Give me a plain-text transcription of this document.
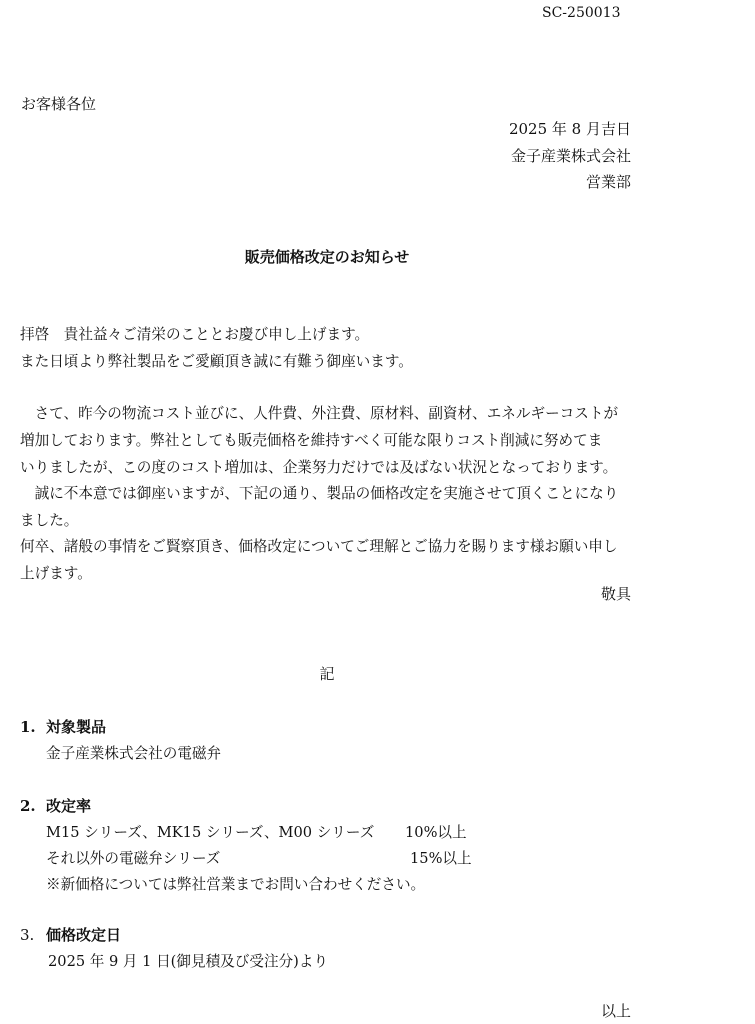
SC-250013
お客様各位
2025 年 8 月吉日
金子産業株式会社
営業部
販売価格改定のお知らせ
拝啓　貴社益々ご清栄のこととお慶び申し上げます。
また日頃より弊社製品をご愛顧頂き誠に有難う御座います。
　さて、昨今の物流コスト並びに、人件費、外注費、原材料、副資材、エネルギーコストが
増加しております。弊社としても販売価格を維持すべく可能な限りコスト削減に努めてま
いりましたが、この度のコスト増加は、企業努力だけでは及ばない状況となっております。
　誠に不本意では御座いますが、下記の通り、製品の価格改定を実施させて頂くことになり
ました。
何卒、諸般の事情をご賢察頂き、価格改定についてご理解とご協力を賜ります様お願い申し
上げます。
敬具
記
1. 対象製品
金子産業株式会社の電磁弁
2. 改定率
M15 シリーズ、MK15 シリーズ、M00 シリーズ 10%以上
それ以外の電磁弁シリーズ	15%以上
※新価格については弊社営業までお問い合わせください。
3. 価格改定日
2025 年 9 月 1 日(御見積及び受注分)より
以上
